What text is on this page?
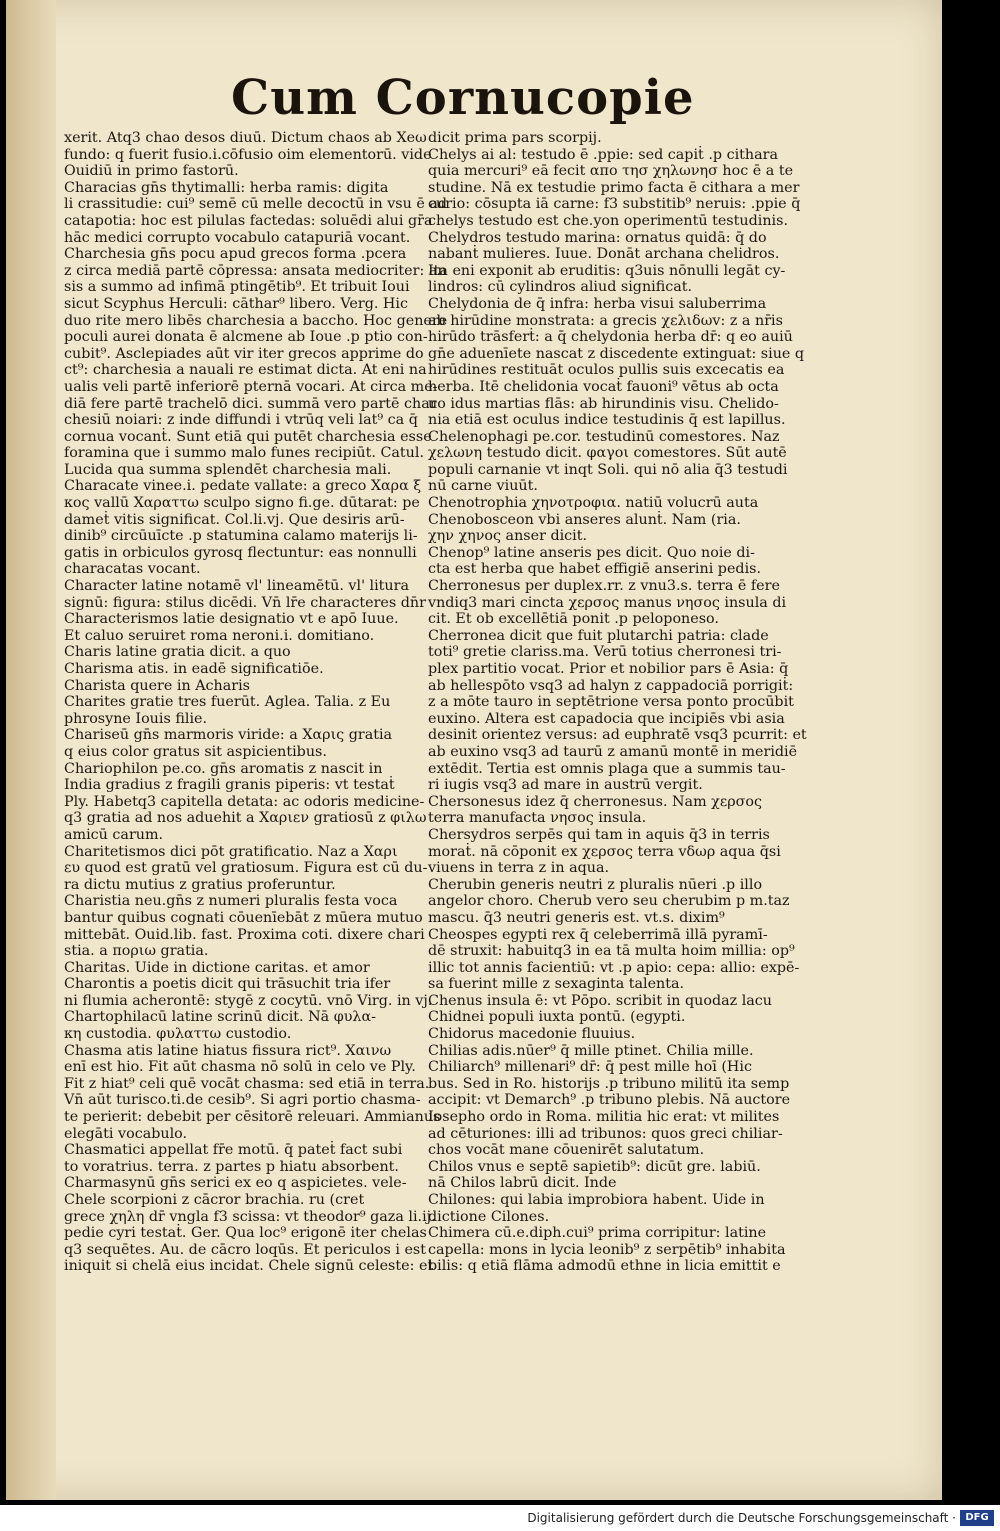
Cum Cornucopie
xerit. Atq3 chao desos diuū. Dictum chaos ab Xeω
fundo: q fuerit fusio.i.cōfusio oim elementorū. vide
Ouidiū in primo fastorū.
Characias gn̄s thytimalli: herba ramis: digita
li crassitudie: cui⁹ semē cū melle decoctū in vsu ē ad
catapotia: hoc est pilulas factedas: soluēdi alui gr̄a
hāc medici corrupto vocabulo catapuriā vocant.
Charchesia gn̄s pocu apud grecos forma .pcera
z circa mediā partē cōpressa: ansata mediocriter: an
sis a summo ad infimā ptingētib⁹. Et tribuit Ioui
sicut Scyphus Herculi: cāthar⁹ libero. Verg. Hic
duo rite mero libēs charchesia a baccho. Hoc genere
poculi aurei donata ē alcmene ab Ioue .p ptio con-
cubit⁹. Asclepiades aūt vir iter grecos apprime do
ct⁹: charchesia a nauali re estimat dicta. At eni na
ualis veli partē inferiorē pternā vocari. At circa me-
diā fere partē trachelō dici. summā vero partē char
chesiū noiari: z inde diffundi i vtrūq veli lat⁹ ca q̄
cornua vocanṫ. Sunt etiā qui putēt charchesia esse
foramina que i summo malo funes recipiūt. Catul.
Lucida qua summa splendēt charchesia mali.
Characate vinee.i. pedate vallate: a greco Χαρα ξ
κος vallū Χαραττω sculpo signo fi.ge. dūtarat: pe
dameṫ vitis significat. Col.li.vj. Que desiris arū-
dinib⁹ circūuīcte .p statumina calamo materijs li-
gatis in orbiculos gyrosq flectuntur: eas nonnulli
characatas vocant.
Character latine notamē vl' lineamētū. vl' litura
signū: figura: stilus dicēdi. Vn̄ lr̄e characteres dn̄r
Characterismos latie designatio vt e apō Iuue.
Et caluo seruiret roma neroni.i. domitiano.
Charis latine gratia dicit. a quo
Charisma atis. in eadē significatiōe.
Charista quere in Acharis
Charites gratie tres fuerūt. Aglea. Talia. z Eu
phrosyne Iouis filie.
Chariseū gn̄s marmoris viride: a Χαρις gratia
q eius color gratus sit aspicientibus.
Chariophilon pe.co. gn̄s aromatis z nascit in
India gradius z fragili granis piperis: vt testaṫ
Ply. Habetq3 capitella detata: ac odoris medicine-
q3 gratia ad nos aduehit a Χαριεν gratiosū z φιλω
amicū carum.
Charitetismos dici pōt gratificatio. Naz a Χαρι
ευ quod est gratū vel gratiosum. Figura est cū du-
ra dictu mutius z gratius proferuntur.
Charistia neu.gn̄s z numeri pluralis festa voca
bantur quibus cognati cōuenīebāt z mūera mutuo
mittebāt. Ouid.lib. fast. Proxima coti. dixere chari
stia. a ποριω gratia.
Charitas. Uide in dictione caritas. et amor
Charontis a poetis dicit qui trāsuchit tria ifer
ni flumia acherontē: stygē z cocytū. vnō Virg. in vj.
Chartophilacū latine scrinū dicit. Nā φυλα-
κη custodia. φυλαττω custodio.
Chasma atis latine hiatus fissura rict⁹. Χαινω
enī est hio. Fit aūt chasma nō solū in celo ve Ply.
Fit z hiat⁹ celi quē vocāt chasma: sed etiā in terra.
Vn̄ aūt turisco.ti.de cesib⁹. Si agri portio chasma-
te perierit: debebit per cēsitorē releuari. Ammianus
elegāti vocabulo.
Chasmatici appellat fr̄e motū. q̄ pateṫ fact subi
to voratrius. terra. z partes p hiatu absorbent.
Charmasynū gn̄s serici ex eo q aspicietes. vele-
Chele scorpioni z cācror brachia. ru (cret
grece χηλη dr̄ vngla f3 scissa: vt theodor⁹ gaza li.ij.
pedie cyri testaṫ. Ger. Qua loc⁹ erigonē iter chelas
q3 sequētes. Au. de cācro loqūs. Et periculos i est
iniquit si chelā eius incidat. Chele signū celeste: et
dicit prima pars scorpij.
Chelys ai al: testudo ē .ppie: sed capiṫ .p cithara
quia mercuri⁹ eā fecit απο τησ χηλωνησ hoc ē a te
studine. Nā ex testudie primo facta ē cithara a mer
curio: cōsupta iā carne: f3 substitib⁹ neruis: .ppie q̄
chelys testudo est che.yon operimentū testudinis.
Chelydros testudo marina: ornatus quidā: q̄ do
nabanṫ mulieres. Iuue. Donāt archana chelidros.
Ita eni exponit ab eruditis: q3uis nōnulli legāt cy-
lindros: cū cylindros aliud significat.
Chelydonia de q̄ infra: herba visui saluberrima
ab hirūdine monstrata: a grecis χελιδωv: z a nr̄is
hirūdo trāsferṫ: a q̄ chelydonia herba dr̄: q eo auiū
gn̄e aduenīete nascat z discedente extinguat: siue q
hirūdines restituāt oculos pullis suis excecatis ea
herba. Itē chelidonia vocaṫ fauoni⁹ vētus ab octa
uo idus martias flās: ab hirundinis visu. Chelido-
nia etiā est oculus indice testudinis q̄ est lapillus.
Chelenophagi pe.cor. testudinū comestores. Naz
χελωνη testudo dicit. φαγοι comestores. Sūt autē
populi carnanie vt inqt Soli. qui nō alia q̄3 testudi
nū carne viuūt.
Chenotrophia χηνοτροφια. natiū volucrū auta
Chenobosceon vbi anseres alunṫ. Nam (ria.
χην χηνος anser dicit.
Chenop⁹ latine anseris pes dicit. Quo noie di-
cta est herba que habet effigiē anserini pedis.
Cherronesus per duplex.rr. z vnu3.s. terra ē fere
vndiq3 mari cincta χερσος manus νησος insula di
cit. Et ob excellētiā ponit .p peloponeso.
Cherronea dicit que fuit plutarchi patria: clade
toti⁹ gretie clariss.ma. Verū totius cherronesi tri-
plex partitio vocat. Prior et nobilior pars ē Asia: q̄
ab hellespōto vsq3 ad halyn z cappadociā porrigiṫ:
z a mōte tauro in septētrione versa ponto procūbit
euxino. Altera est capadocia que incipiēs vbi asia
desinit orientez versus: ad euphratē vsq3 pcurrit: et
ab euxino vsq3 ad taurū z amanū montē in meridiē
extēdit. Tertia est omnis plaga que a summis tau-
ri iugis vsq3 ad mare in austrū vergit.
Chersonesus idez q̄ cherronesus. Nam χερσος
terra manufacta νησος insula.
Chersydros serpēs qui tam in aquis q̄3 in terris
moraṫ. nā cōponit ex χερσος terra vδωρ aqua q̄si
viuens in terra z in aqua.
Cherubin generis neutri z pluralis nūeri .p illo
angelor choro. Cherub vero seu cherubim p m.taz
mascu. q̄3 neutri generis est. vt.s. dixim⁹
Cheospes egypti rex q̄ celeberrimā illā pyramī-
dē struxit: habuitq3 in ea tā multa hoim millia: op⁹
illic tot annis facientiū: vt .p apio: cepa: allio: expē-
sa fuerint mille z sexaginta talenta.
Chenus insula ē: vt Pōpo. scribit in quodaz lacu
Chidnei populi iuxta pontū. (egypti.
Chidorus macedonie fluuius.
Chilias adis.nūer⁹ q̄ mille ptinet. Chilia mille.
Chiliarch⁹ millenari⁹ dr̄: q̄ pest mille hoī (Hic
bus. Sed in Ro. historijs .p tribuno militū ita semp
accipit: vt Demarch⁹ .p tribuno plebis. Nā auctore
Iosepho ordo in Roma. militia hic erat: vt milites
ad cēturiones: illi ad tribunos: quos greci chiliar-
chos vocāt mane cōuenirēt salutatum.
Chilos vnus e septē sapietib⁹: dicūt gre. labiū.
nā Chilos labrū dicit. Inde
Chilones: qui labia improbiora habent. Uide in
dictione Cilones.
Chimera cū.e.diph.cui⁹ prima corripitur: latine
capella: mons in lycia leonib⁹ z serpētib⁹ inhabita
bilis: q etiā flāma admodū ethne in licia emittit e
Digitalisierung gefördert durch die Deutsche Forschungsgemeinschaft · DFG
